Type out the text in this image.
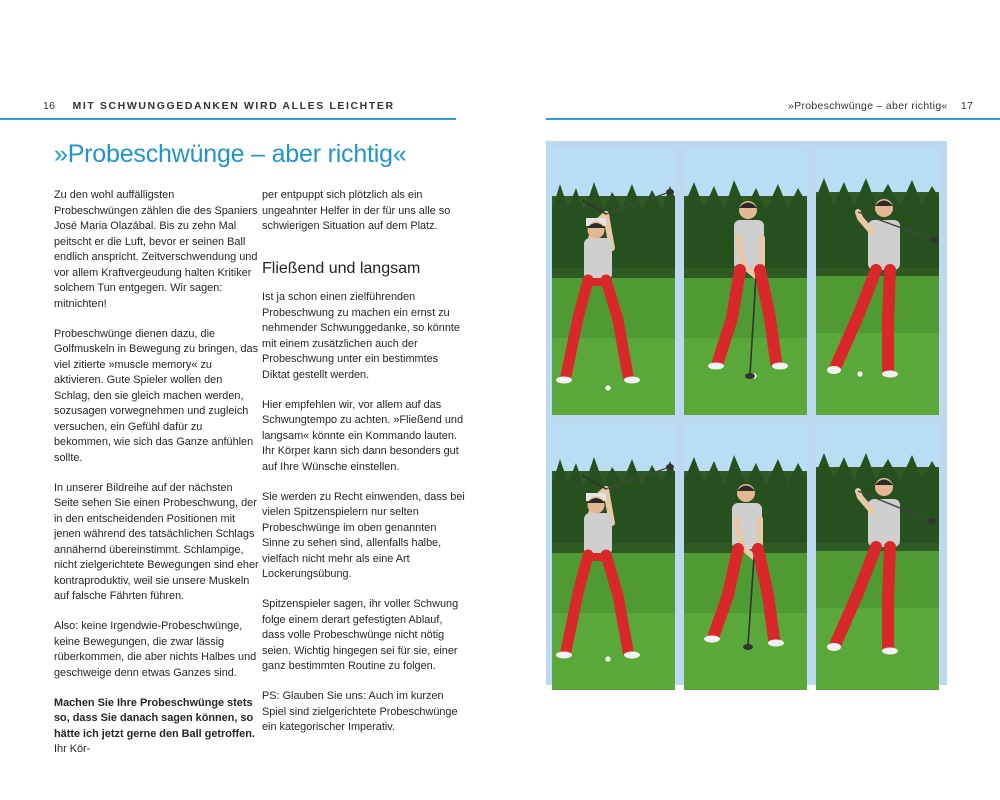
16 MIT SCHWUNGGEDANKEN WIRD ALLES LEICHTER	»Probeschwünge – aber richtig« 17
»Probeschwünge – aber richtig«

Zu den wohl auffälligsten Probeschwüngen zählen die des Spaniers José Maria Olazábal. Bis zu zehn Mal peitscht er die Luft, bevor er seinen Ball endlich anspricht. Zeitverschwendung und vor allem Kraftvergeudung halten Kritiker solchem Tun entgegen. Wir sagen: mitnichten!

Probeschwünge dienen dazu, die Golfmuskeln in Bewegung zu bringen, das viel zitierte »muscle memory« zu aktivieren. Gute Spieler wollen den Schlag, den sie gleich machen werden, sozusagen vorwegnehmen und zugleich versuchen, ein Gefühl dafür zu bekommen, wie sich das Ganze anfühlen sollte.

In unserer Bildreihe auf der nächsten Seite sehen Sie einen Probeschwung, der in den entscheidenden Positionen mit jenen während des tatsächlichen Schlags annähernd übereinstimmt. Schlampige, nicht zielgerichtete Bewegungen sind eher kontraproduktiv, weil sie unsere Muskeln auf falsche Fährten führen.

Also: keine Irgendwie-Probeschwünge, keine Bewegungen, die zwar lässig rüberkommen, die aber nichts Halbes und geschweige denn etwas Ganzes sind.

Machen Sie Ihre Probeschwünge stets so, dass Sie danach sagen können, so hätte ich jetzt gerne den Ball getroffen. Ihr Kör-

per entpuppt sich plötzlich als ein ungeahnter Helfer in der für uns alle so schwierigen Situation auf dem Platz.

Fließend und langsam

Ist ja schon einen zielführenden Probeschwung zu machen ein ernst zu nehmender Schwunggedanke, so könnte mit einem zusätzlichen auch der Probeschwung unter ein bestimmtes Diktat gestellt werden.

Hier empfehlen wir, vor allem auf das Schwungtempo zu achten. »Fließend und langsam« könnte ein Kommando lauten. Ihr Körper kann sich dann besonders gut auf Ihre Wünsche einstellen.

Sie werden zu Recht einwenden, dass bei vielen Spitzenspielern nur selten Probeschwünge im oben genannten Sinne zu sehen sind, allenfalls halbe, vielfach nicht mehr als eine Art Lockerungsübung.

Spitzenspieler sagen, ihr voller Schwung folge einem derart gefestigten Ablauf, dass volle Probeschwünge nicht nötig seien. Wichtig hingegen sei für sie, einer ganz bestimmten Routine zu folgen.

PS: Glauben Sie uns: Auch im kurzen Spiel sind zielgerichtete Probeschwünge ein kategorischer Imperativ.
